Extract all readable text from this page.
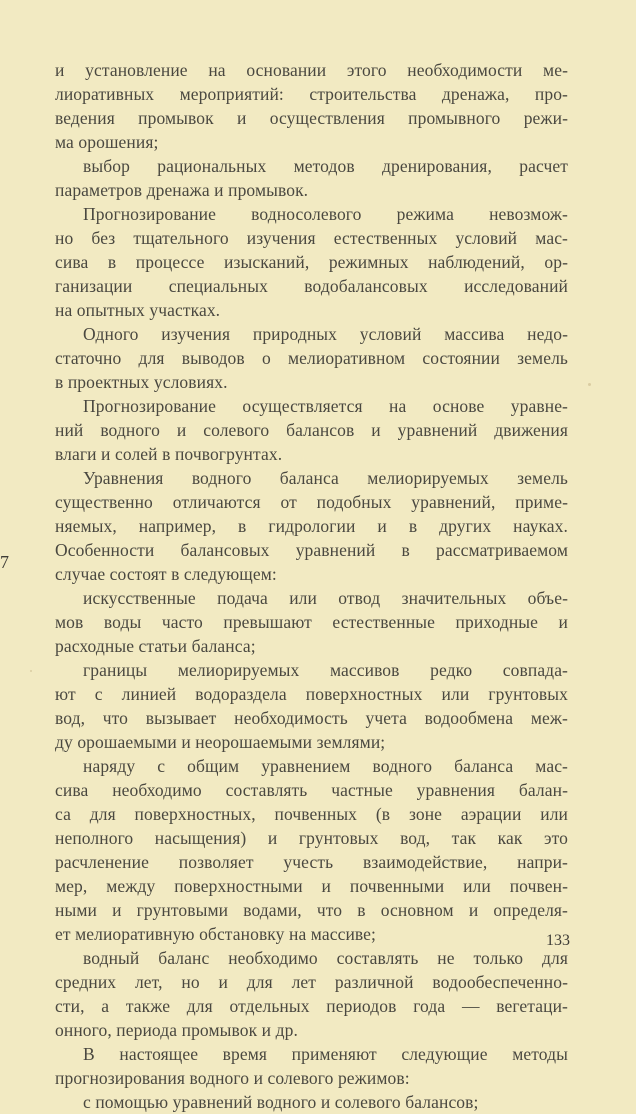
и установление на основании этого необходимости ме-
лиоративных мероприятий: строительства дренажа, про-
ведения промывок и осуществления промывного режи-
ма орошения;
выбор рациональных методов дренирования, расчет
параметров дренажа и промывок.
Прогнозирование водносолевого режима невозмож-
но без тщательного изучения естественных условий мас-
сива в процессе изысканий, режимных наблюдений, ор-
ганизации специальных водобалансовых исследований
на опытных участках.
Одного изучения природных условий массива недо-
статочно для выводов о мелиоративном состоянии земель
в проектных условиях.
Прогнозирование осуществляется на основе уравне-
ний водного и солевого балансов и уравнений движения
влаги и солей в почвогрунтах.
Уравнения водного баланса мелиорируемых земель
существенно отличаются от подобных уравнений, приме-
няемых, например, в гидрологии и в других науках.
Особенности балансовых уравнений в рассматриваемом
случае состоят в следующем:
искусственные подача или отвод значительных объе-
мов воды часто превышают естественные приходные и
расходные статьи баланса;
границы мелиорируемых массивов редко совпада-
ют с линией водораздела поверхностных или грунтовых
вод, что вызывает необходимость учета водообмена меж-
ду орошаемыми и неорошаемыми землями;
наряду с общим уравнением водного баланса мас-
сива необходимо составлять частные уравнения балан-
са для поверхностных, почвенных (в зоне аэрации или
неполного насыщения) и грунтовых вод, так как это
расчленение позволяет учесть взаимодействие, напри-
мер, между поверхностными и почвенными или почвен-
ными и грунтовыми водами, что в основном и определя-
ет мелиоративную обстановку на массиве;
водный баланс необходимо составлять не только для
средних лет, но и для лет различной водообеспеченно-
сти, а также для отдельных периодов года — вегетаци-
онного, периода промывок и др.
В настоящее время применяют следующие методы
прогнозирования водного и солевого режимов:
с помощью уравнений водного и солевого балансов;
7
133
